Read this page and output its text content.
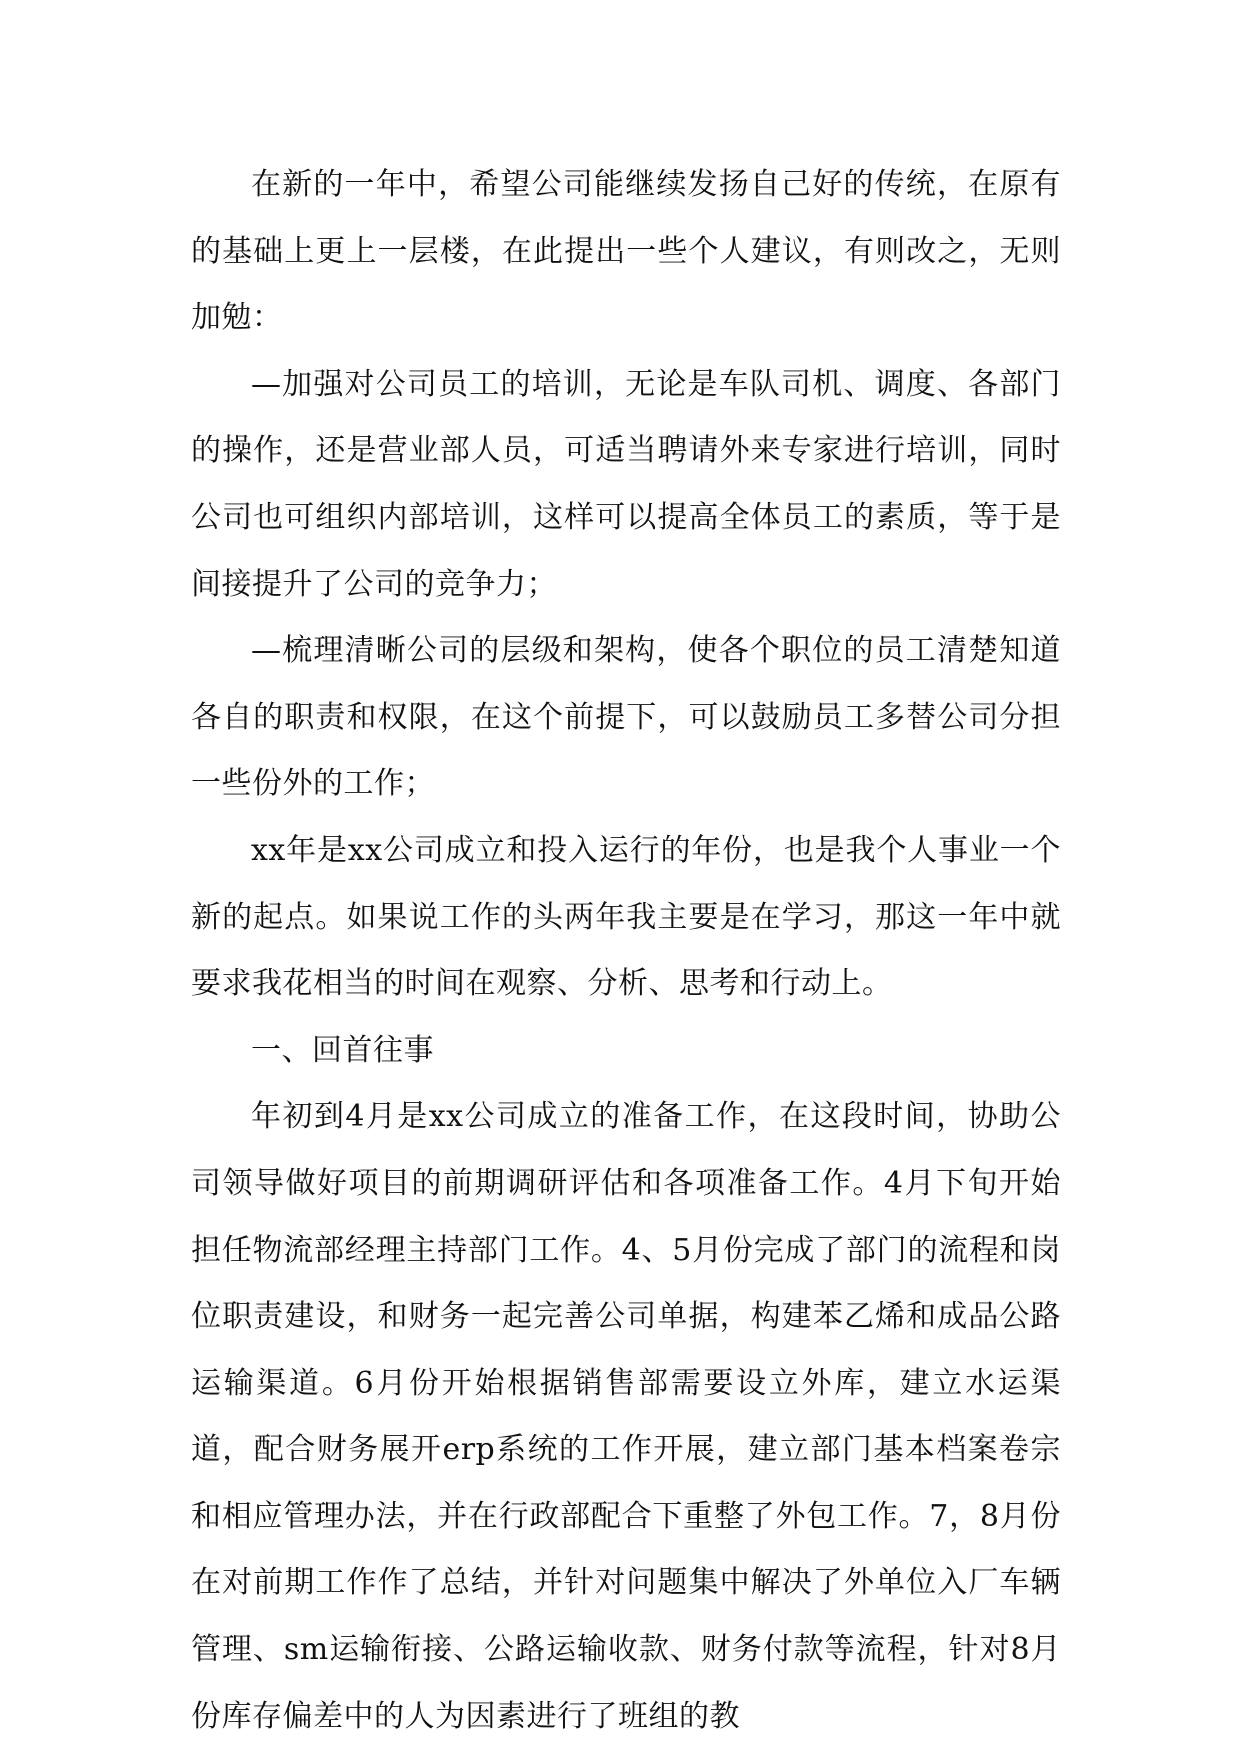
在新的一年中，希望公司能继续发扬自己好的传统，在原有的基础上更上一层楼，在此提出一些个人建议，有则改之，无则加勉：

—加强对公司员工的培训，无论是车队司机、调度、各部门的操作，还是营业部人员，可适当聘请外来专家进行培训，同时公司也可组织内部培训，这样可以提高全体员工的素质，等于是间接提升了公司的竞争力；

—梳理清晰公司的层级和架构，使各个职位的员工清楚知道各自的职责和权限，在这个前提下，可以鼓励员工多替公司分担一些份外的工作；

xx年是xx公司成立和投入运行的年份，也是我个人事业一个新的起点。如果说工作的头两年我主要是在学习，那这一年中就要求我花相当的时间在观察、分析、思考和行动上。

一、回首往事

年初到4月是xx公司成立的准备工作，在这段时间，协助公司领导做好项目的前期调研评估和各项准备工作。4月下旬开始担任物流部经理主持部门工作。4、5月份完成了部门的流程和岗位职责建设，和财务一起完善公司单据，构建苯乙烯和成品公路运输渠道。6月份开始根据销售部需要设立外库，建立水运渠道，配合财务展开erp系统的工作开展，建立部门基本档案卷宗和相应管理办法，并在行政部配合下重整了外包工作。7，8月份在对前期工作作了总结，并针对问题集中解决了外单位入厂车辆管理、sm运输衔接、公路运输收款、财务付款等流程，针对8月份库存偏差中的人为因素进行了班组的教
